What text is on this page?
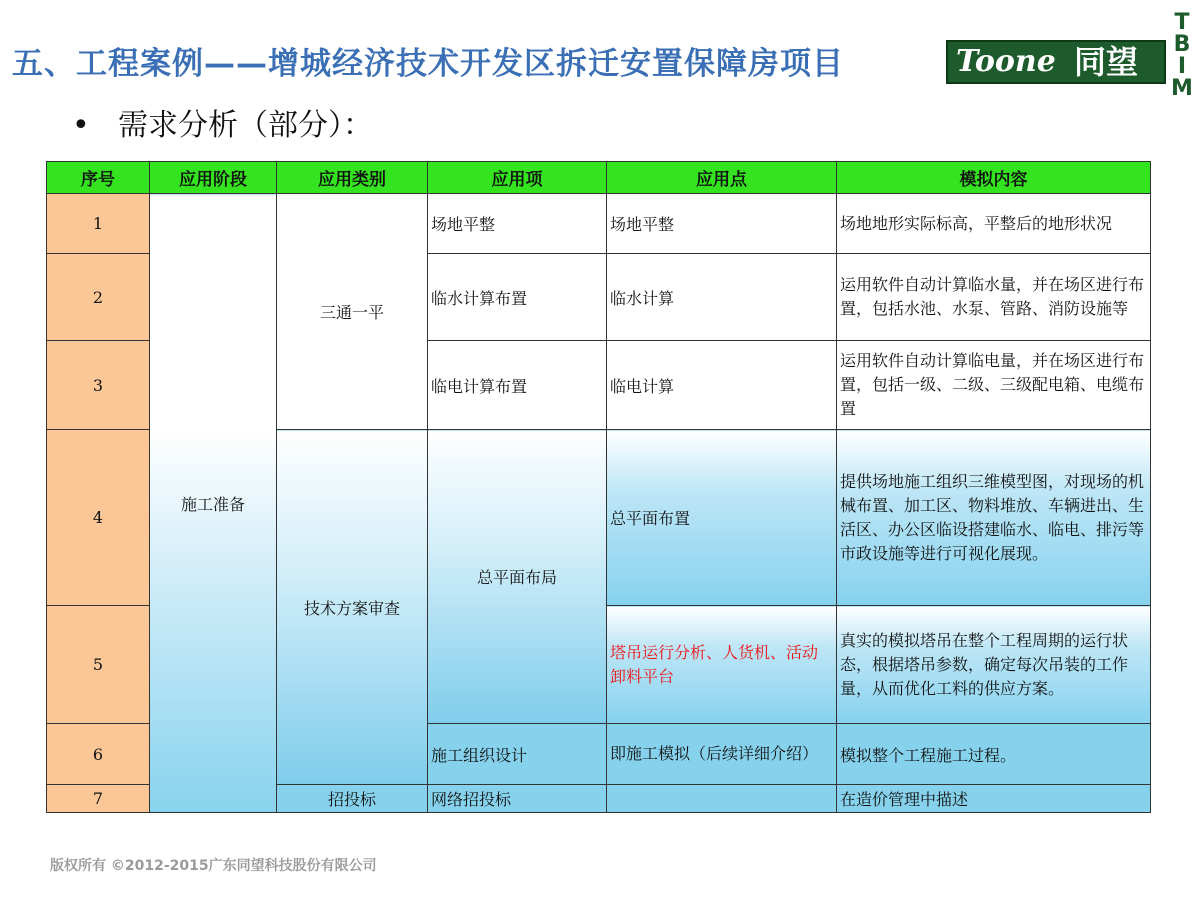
五、工程案例——增城经济技术开发区拆迁安置保障房项目	Toone 同望
T
B
I
M
• 需求分析（部分）：
序号	应用阶段	应用类别	应用项	应用点	模拟内容
1	施工准备	三通一平	场地平整	场地平整	场地地形实际标高，平整后的地形状况
2			临水计算布置	临水计算	运用软件自动计算临水量，并在场区进行布置，包括水池、水泵、管路、消防设施等
3			临电计算布置	临电计算	运用软件自动计算临电量，并在场区进行布置，包括一级、二级、三级配电箱、电缆布置
4		技术方案审查	总平面布局	总平面布置	提供场地施工组织三维模型图，对现场的机械布置、加工区、物料堆放、车辆进出、生活区、办公区临设搭建临水、临电、排污等市政设施等进行可视化展现。
5				塔吊运行分析、人货机、活动卸料平台	真实的模拟塔吊在整个工程周期的运行状态，根据塔吊参数，确定每次吊装的工作量，从而优化工料的供应方案。
6			施工组织设计	即施工模拟（后续详细介绍）	模拟整个工程施工过程。
7		招投标	网络招投标		在造价管理中描述
版权所有 ©2012-2015广东同望科技股份有限公司
